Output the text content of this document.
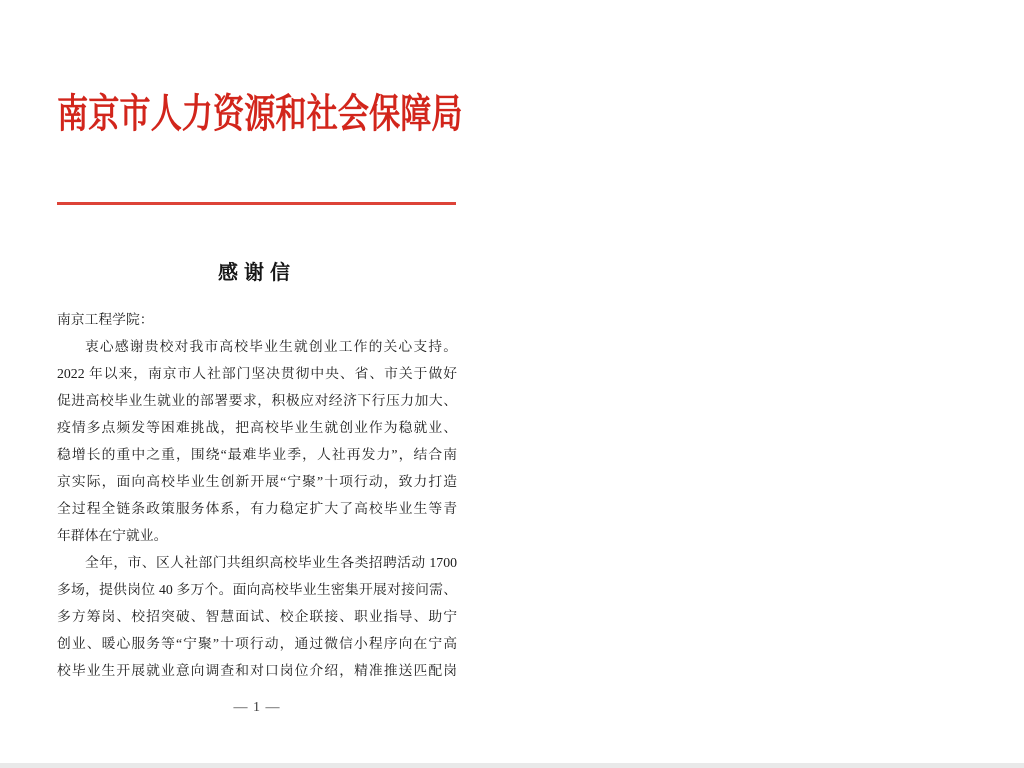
南京市人力资源和社会保障局
感谢信
南京工程学院：
衷心感谢贵校对我市高校毕业生就创业工作的关心支持。
2022 年以来，南京市人社部门坚决贯彻中央、省、市关于做好
促进高校毕业生就业的部署要求，积极应对经济下行压力加大、
疫情多点频发等困难挑战，把高校毕业生就创业作为稳就业、
稳增长的重中之重，围绕“最难毕业季，人社再发力”，结合南
京实际，面向高校毕业生创新开展“宁聚”十项行动，致力打造
全过程全链条政策服务体系，有力稳定扩大了高校毕业生等青
年群体在宁就业。
全年，市、区人社部门共组织高校毕业生各类招聘活动 1700
多场，提供岗位 40 多万个。面向高校毕业生密集开展对接问需、
多方筹岗、校招突破、智慧面试、校企联接、职业指导、助宁
创业、暖心服务等“宁聚”十项行动，通过微信小程序向在宁高
校毕业生开展就业意向调查和对口岗位介绍，精准推送匹配岗
— 1 —
